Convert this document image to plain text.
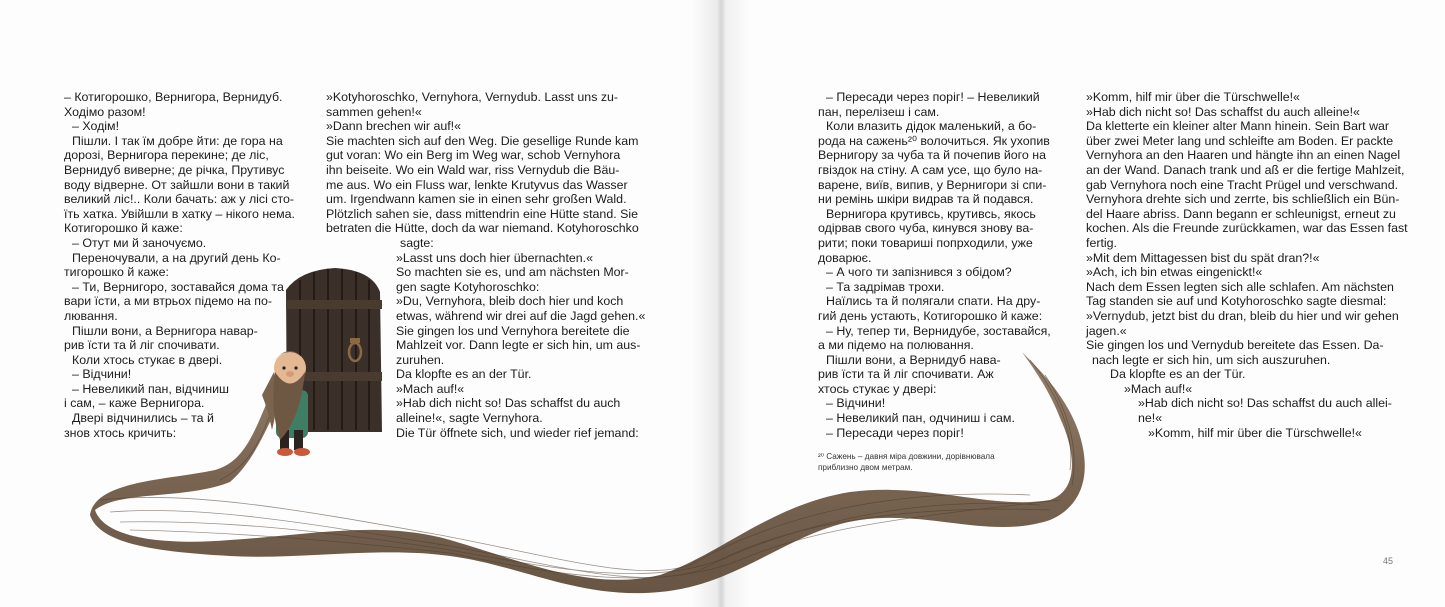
– Котигорошко, Вернигора, Вернидуб.

Ходімо разом!

– Ходім!

Пішли. І так їм добре йти: де гора на

дорозі, Вернигора перекине; де ліс,

Вернидуб виверне; де річка, Прутивус

воду відверне. От зайшли вони в такий

великий ліс!.. Коли бачать: аж у лісі сто-

їть хатка. Увійшли в хатку – нікого нема.

Котигорошко й каже:

– Отут ми й заночуємо.

Переночували, а на другий день Ко-

тигорошко й каже:

– Ти, Вернигоро, зоставайся дома та

вари їсти, а ми втрьох підемо на по-

лювання.

Пішли вони, а Вернигора навар-

рив їсти та й ліг спочивати.

Коли хтось стукає в двері.

– Відчини!

– Невеликий пан, відчиниш

і сам, – каже Вернигора.

Двері відчинились – та й

знов хтось кричить:

»Kotyhoroschko, Vernyhora, Vernydub. Lasst uns zu-

sammen gehen!«

»Dann brechen wir auf!«

Sie machten sich auf den Weg. Die gesellige Runde kam

gut voran: Wo ein Berg im Weg war, schob Vernyhora

ihn beiseite. Wo ein Wald war, riss Vernydub die Bäu-

me aus. Wo ein Fluss war, lenkte Krutyvus das Wasser

um. Irgendwann kamen sie in einen sehr großen Wald.

Plötzlich sahen sie, dass mittendrin eine Hütte stand. Sie

betraten die Hütte, doch da war niemand. Kotyhoroschko

sagte:

»Lasst uns doch hier übernachten.«

So machten sie es, und am nächsten Mor-

gen sagte Kotyhoroschko:

»Du, Vernyhora, bleib doch hier und koch

etwas, während wir drei auf die Jagd gehen.«

Sie gingen los und Vernyhora bereitete die

Mahlzeit vor. Dann legte er sich hin, um aus-

zuruhen.

Da klopfte es an der Tür.

»Mach auf!«

»Hab dich nicht so! Das schaffst du auch

alleine!«, sagte Vernyhora.

Die Tür öffnete sich, und wieder rief jemand:

– Пересади через поріг! – Невеликий

пан, перелізеш і сам.

Коли влазить дідок маленький, а бо-

рода на сажень²⁰ волочиться. Як ухопив

Вернигору за чуба та й почепив його на

гвіздок на стіну. А сам усе, що було на-

варене, виїв, випив, у Вернигори зі спи-

ни ремінь шкіри видрав та й подався.

Вернигора крутивсь, крутивсь, якось

одірвав свого чуба, кинувся знову ва-

рити; поки товариші попрходили, уже

доварює.

– А чого ти запізнився з обідом?

– Та задрімав трохи.

Наїлись та й полягали спати. На дру-

гий день устають, Котигорошко й каже:

– Ну, тепер ти, Вернидубе, зоставайся,

а ми підемо на полювання.

Пішли вони, а Вернидуб нава-

рив їсти та й ліг спочивати. Аж

хтось стукає у двері:

– Відчини!

– Невеликий пан, одчиниш і сам.

– Пересади через поріг!

»Komm, hilf mir über die Türschwelle!«

»Hab dich nicht so! Das schaffst du auch alleine!«

Da kletterte ein kleiner alter Mann hinein. Sein Bart war

über zwei Meter lang und schleifte am Boden. Er packte

Vernyhora an den Haaren und hängte ihn an einen Nagel

an der Wand. Danach trank und aß er die fertige Mahlzeit,

gab Vernyhora noch eine Tracht Prügel und verschwand.

Vernyhora drehte sich und zerrte, bis schließlich ein Bün-

del Haare abriss. Dann begann er schleunigst, erneut zu

kochen. Als die Freunde zurückkamen, war das Essen fast

fertig.

»Mit dem Mittagessen bist du spät dran?!«

»Ach, ich bin etwas eingenickt!«

Nach dem Essen legten sich alle schlafen. Am nächsten

Tag standen sie auf und Kotyhoroschko sagte diesmal:

»Vernydub, jetzt bist du dran, bleib du hier und wir gehen

jagen.«

Sie gingen los und Vernydub bereitete das Essen. Da-

nach legte er sich hin, um sich auszuruhen.

Da klopfte es an der Tür.

»Mach auf!«

»Hab dich nicht so! Das schaffst du auch allei-

ne!«

»Komm, hilf mir über die Türschwelle!«

²⁰ Сажень – давня міра довжини, дорівнювала

приблизно двом метрам.

45
